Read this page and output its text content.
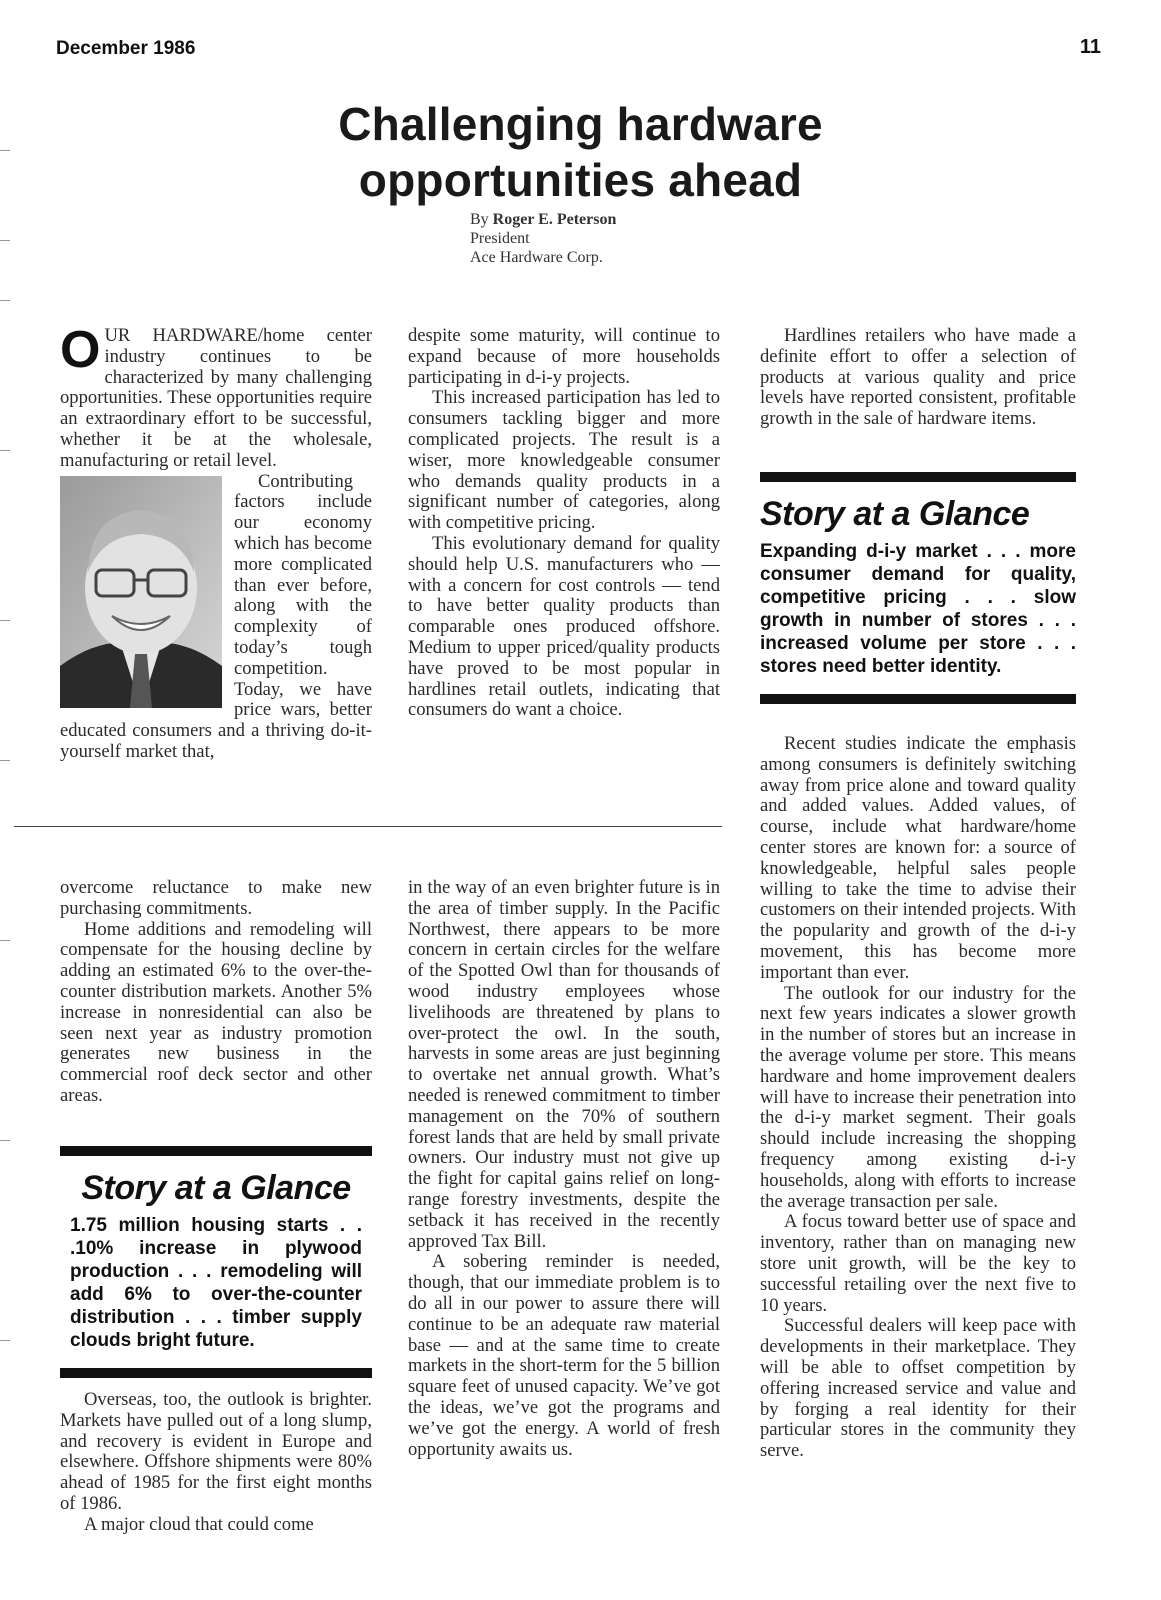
December 1986	11
Challenging hardware
opportunities ahead
By Roger E. Peterson
President
Ace Hardware Corp.

O UR HARDWARE/home center industry continues to be characterized by many challenging opportunities. These opportunities require an extraordinary effort to be successful, whether it be at the wholesale, manufacturing or retail level.

Contributing factors include our economy which has become more complicated than ever before, along with the complexity of today’s tough competition. Today, we have price wars, better educated consumers and a thriving do-it-yourself market that,

despite some maturity, will continue to expand because of more households participating in d-i-y projects.

This increased participation has led to consumers tackling bigger and more complicated projects. The result is a wiser, more knowledgeable consumer who demands quality products in a significant number of categories, along with competitive pricing.

This evolutionary demand for quality should help U.S. manufacturers who — with a concern for cost controls — tend to have better quality products than comparable ones produced offshore. Medium to upper priced/quality products have proved to be most popular in hardlines retail outlets, indicating that consumers do want a choice.

Hardlines retailers who have made a definite effort to offer a selection of products at various quality and price levels have reported consistent, profitable growth in the sale of hardware items.

Story at a Glance
Expanding d-i-y market . . . more consumer demand for quality, competitive pricing . . . slow growth in number of stores . . . increased volume per store . . . stores need better identity.

Recent studies indicate the emphasis among consumers is definitely switching away from price alone and toward quality and added values. Added values, of course, include what hardware/home center stores are known for: a source of knowledgeable, helpful sales people willing to take the time to advise their customers on their intended projects. With the popularity and growth of the d-i-y movement, this has become more important than ever.

The outlook for our industry for the next few years indicates a slower growth in the number of stores but an increase in the average volume per store. This means hardware and home improvement dealers will have to increase their penetration into the d-i-y market segment. Their goals should include increasing the shopping frequency among existing d-i-y households, along with efforts to increase the average transaction per sale.

A focus toward better use of space and inventory, rather than on managing new store unit growth, will be the key to successful retailing over the next five to 10 years.

Successful dealers will keep pace with developments in their marketplace. They will be able to offset competition by offering increased service and value and by forging a real identity for their particular stores in the community they serve.

overcome reluctance to make new purchasing commitments.

Home additions and remodeling will compensate for the housing decline by adding an estimated 6% to the over-the-counter distribution markets. Another 5% increase in nonresidential can also be seen next year as industry promotion generates new business in the commercial roof deck sector and other areas.

Story at a Glance
1.75 million housing starts . . .10% increase in plywood production . . . remodeling will add 6% to over-the-counter distribution . . . timber supply clouds bright future.

Overseas, too, the outlook is brighter. Markets have pulled out of a long slump, and recovery is evident in Europe and elsewhere. Offshore shipments were 80% ahead of 1985 for the first eight months of 1986.

A major cloud that could come

in the way of an even brighter future is in the area of timber supply. In the Pacific Northwest, there appears to be more concern in certain circles for the welfare of the Spotted Owl than for thousands of wood industry employees whose livelihoods are threatened by plans to over-protect the owl. In the south, harvests in some areas are just beginning to overtake net annual growth. What’s needed is renewed commitment to timber management on the 70% of southern forest lands that are held by small private owners. Our industry must not give up the fight for capital gains relief on long-range forestry investments, despite the setback it has received in the recently approved Tax Bill.

A sobering reminder is needed, though, that our immediate problem is to do all in our power to assure there will continue to be an adequate raw material base — and at the same time to create markets in the short-term for the 5 billion square feet of unused capacity. We’ve got the ideas, we’ve got the programs and we’ve got the energy. A world of fresh opportunity awaits us.
